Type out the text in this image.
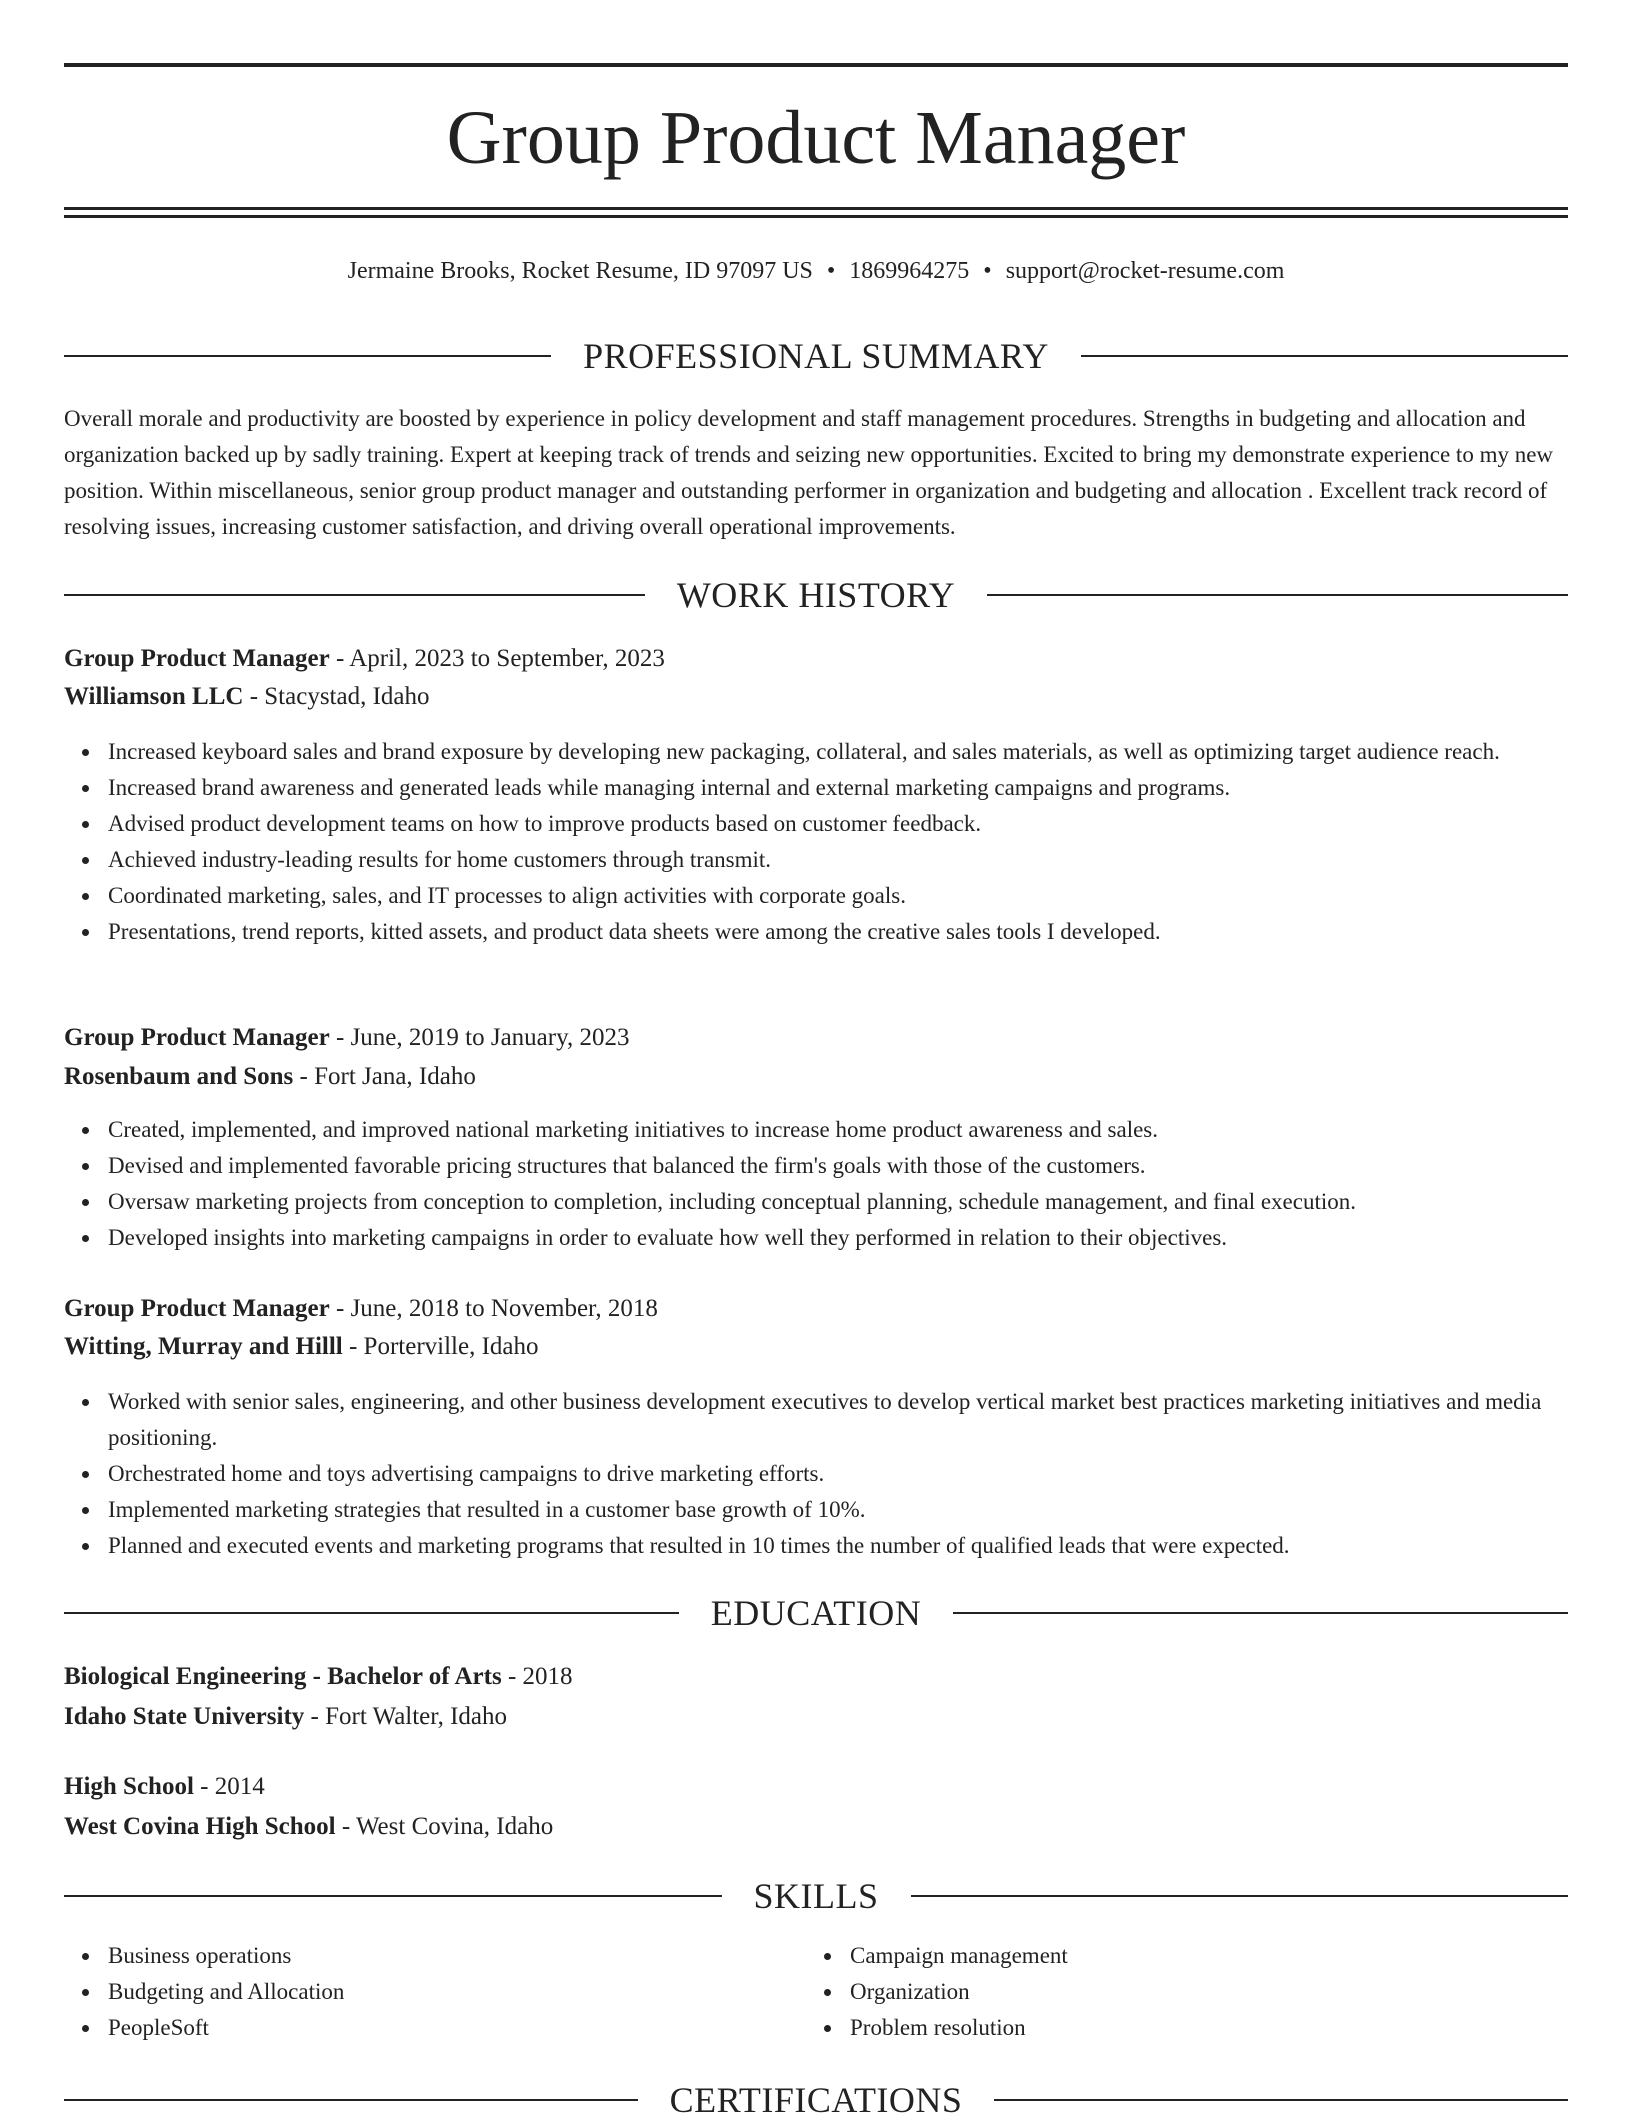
Group Product Manager
Jermaine Brooks, Rocket Resume, ID 97097 US • 1869964275 • support@rocket-resume.com
PROFESSIONAL SUMMARY

Overall morale and productivity are boosted by experience in policy development and staff management procedures. Strengths in budgeting and allocation and organization backed up by sadly training. Expert at keeping track of trends and seizing new opportunities. Excited to bring my demonstrate experience to my new position. Within miscellaneous, senior group product manager and outstanding performer in organization and budgeting and allocation . Excellent track record of resolving issues, increasing customer satisfaction, and driving overall operational improvements.

WORK HISTORY
Group Product Manager - April, 2023 to September, 2023
Williamson LLC - Stacystad, Idaho
Increased keyboard sales and brand exposure by developing new packaging, collateral, and sales materials, as well as optimizing target audience reach.
Increased brand awareness and generated leads while managing internal and external marketing campaigns and programs.
Advised product development teams on how to improve products based on customer feedback.
Achieved industry-leading results for home customers through transmit.
Coordinated marketing, sales, and IT processes to align activities with corporate goals.
Presentations, trend reports, kitted assets, and product data sheets were among the creative sales tools I developed.
Group Product Manager - June, 2019 to January, 2023
Rosenbaum and Sons - Fort Jana, Idaho
Created, implemented, and improved national marketing initiatives to increase home product awareness and sales.
Devised and implemented favorable pricing structures that balanced the firm's goals with those of the customers.
Oversaw marketing projects from conception to completion, including conceptual planning, schedule management, and final execution.
Developed insights into marketing campaigns in order to evaluate how well they performed in relation to their objectives.
Group Product Manager - June, 2018 to November, 2018
Witting, Murray and Hilll - Porterville, Idaho
Worked with senior sales, engineering, and other business development executives to develop vertical market best practices marketing initiatives and media positioning.
Orchestrated home and toys advertising campaigns to drive marketing efforts.
Implemented marketing strategies that resulted in a customer base growth of 10%.
Planned and executed events and marketing programs that resulted in 10 times the number of qualified leads that were expected.
EDUCATION
Biological Engineering - Bachelor of Arts - 2018
Idaho State University - Fort Walter, Idaho
High School - 2014
West Covina High School - West Covina, Idaho
SKILLS
Business operations
Budgeting and Allocation
PeopleSoft
Campaign management
Organization
Problem resolution
CERTIFICATIONS
